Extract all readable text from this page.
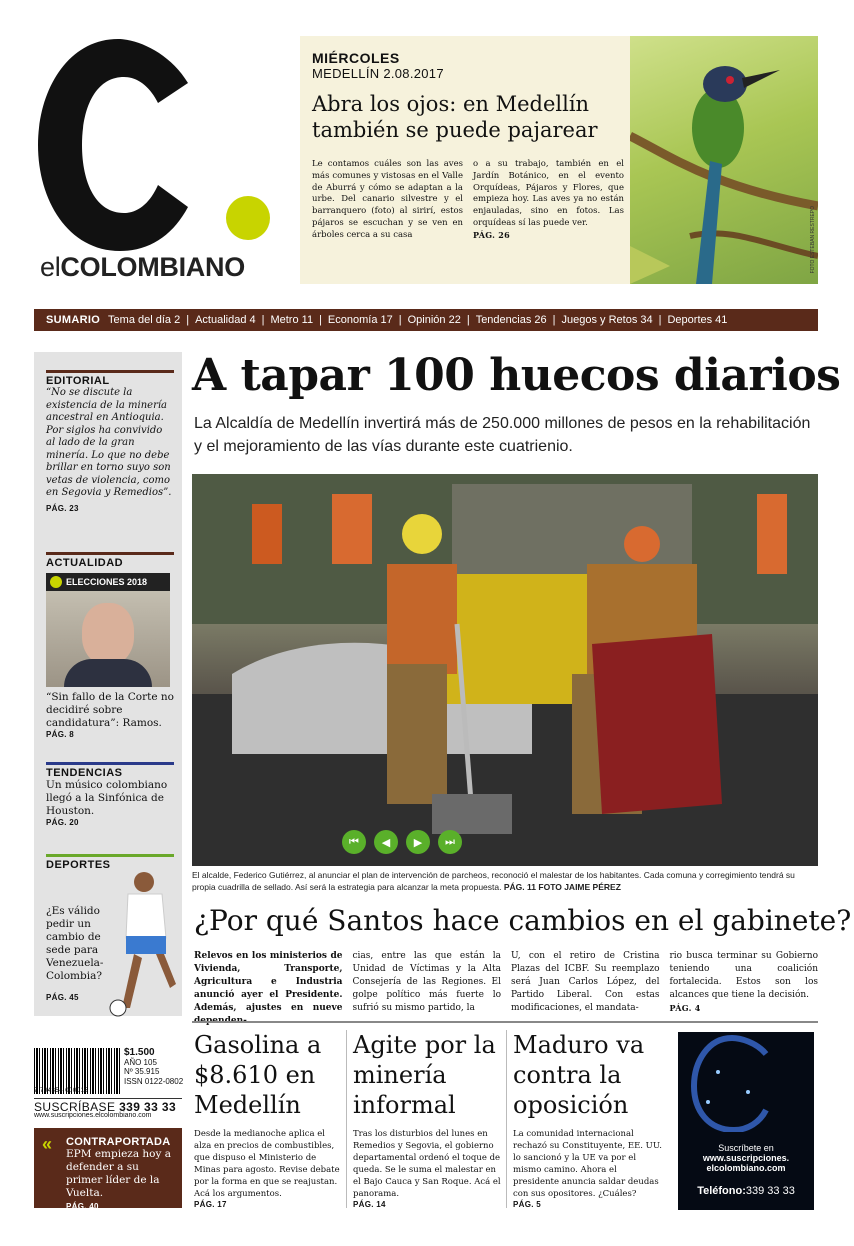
elCOLOMBIANO
MIÉRCOLES
MEDELLÍN 2.08.2017
Abra los ojos: en Medellín también se puede pajarear
Le contamos cuáles son las aves más comunes y vistosas en el Valle de Aburrá y cómo se adaptan a la urbe. Del canario silvestre y el barranquero (foto) al sirirí, estos pájaros se escuchan y se ven en árboles cerca a su casa
o a su trabajo, también en el Jardín Botánico, en el evento Orquídeas, Pájaros y Flores, que empieza hoy. Las aves ya no están enjauladas, sino en fotos. Las orquídeas sí las puede ver.
PÁG. 26	FOTO ESTEBAN RESTREPO
SUMARIO Tema del día 2 | Actualidad 4 | Metro 11 | Economía 17 | Opinión 22 | Tendencias 26 | Juegos y Retos 34 | Deportes 41
EDITORIAL
“No se discute la existencia de la minería ancestral en Antioquia. Por siglos ha convivido al lado de la gran minería. Lo que no debe brillar en torno suyo son vetas de violencia, como en Segovia y Remedios”.
PÁG. 23
ACTUALIDAD
ELECCIONES 2018
“Sin fallo de la Corte no decidiré sobre candidatura”: Ramos.
PÁG. 8
TENDENCIAS
Un músico colombiano llegó a la Sinfónica de Houston.
PÁG. 20
DEPORTES
¿Es válido pedir un cambio de sede para Venezuela-Colombia?
PÁG. 45
7 704354 000015
$1.500
AÑO 105
Nº 35.915
ISSN 0122-0802
SUSCRÍBASE 339 33 33
www.suscripciones.elcolombiano.com
« CONTRAPORTADA
EPM empieza hoy a defender a su primer líder de la Vuelta.
PÁG. 40
A tapar 100 huecos diarios
La Alcaldía de Medellín invertirá más de 250.000 millones de pesos en la rehabilitación y el mejoramiento de las vías durante este cuatrienio.
⏮	◀	▶	⏭
El alcalde, Federico Gutiérrez, al anunciar el plan de intervención de parcheos, reconoció el malestar de los habitantes. Cada comuna y corregimiento tendrá su propia cuadrilla de sellado. Así será la estrategia para alcanzar la meta propuesta. PÁG. 11 FOTO JAIME PÉREZ
¿Por qué Santos hace cambios en el gabinete?
Relevos en los ministerios de Vivienda, Transporte, Agricultura e Industria anunció ayer el Presidente. Además, ajustes en nueve
cias, entre las que están la Unidad de Víctimas y la Alta Consejería de las Regiones. El golpe político más fuerte lo sufrió su mismo partido, la
U, con el retiro de Cristina Plazas del ICBF. Su reemplazo será Juan Carlos López, del Partido Liberal. Con estas modificaciones, el mandata-
rio busca terminar su Gobierno teniendo una coalición fortalecida. Estos son los alcances que tiene la decisión.
PÁG. 4
Gasolina a $8.610 en Medellín

Desde la medianoche aplica el alza en precios de combustibles, que dispuso el Ministerio de Minas para agosto. Revise debate por la forma en que se reajustan. Acá los argumentos.

PÁG. 17
Agite por la minería informal

Tras los disturbios del lunes en Remedios y Segovia, el gobierno departamental ordenó el toque de queda. Se le suma el malestar en el Bajo Cauca y San Roque. Acá el panorama.

PÁG. 14
Maduro va contra la oposición

La comunidad internacional rechazó su Constituyente, EE. UU. lo sancionó y la UE va por el mismo camino. Ahora el presidente anuncia saldar deudas con sus opositores. ¿Cuáles?

PÁG. 5
Suscríbete en
www.suscripciones.
elcolombiano.com
Teléfono:339 33 33
